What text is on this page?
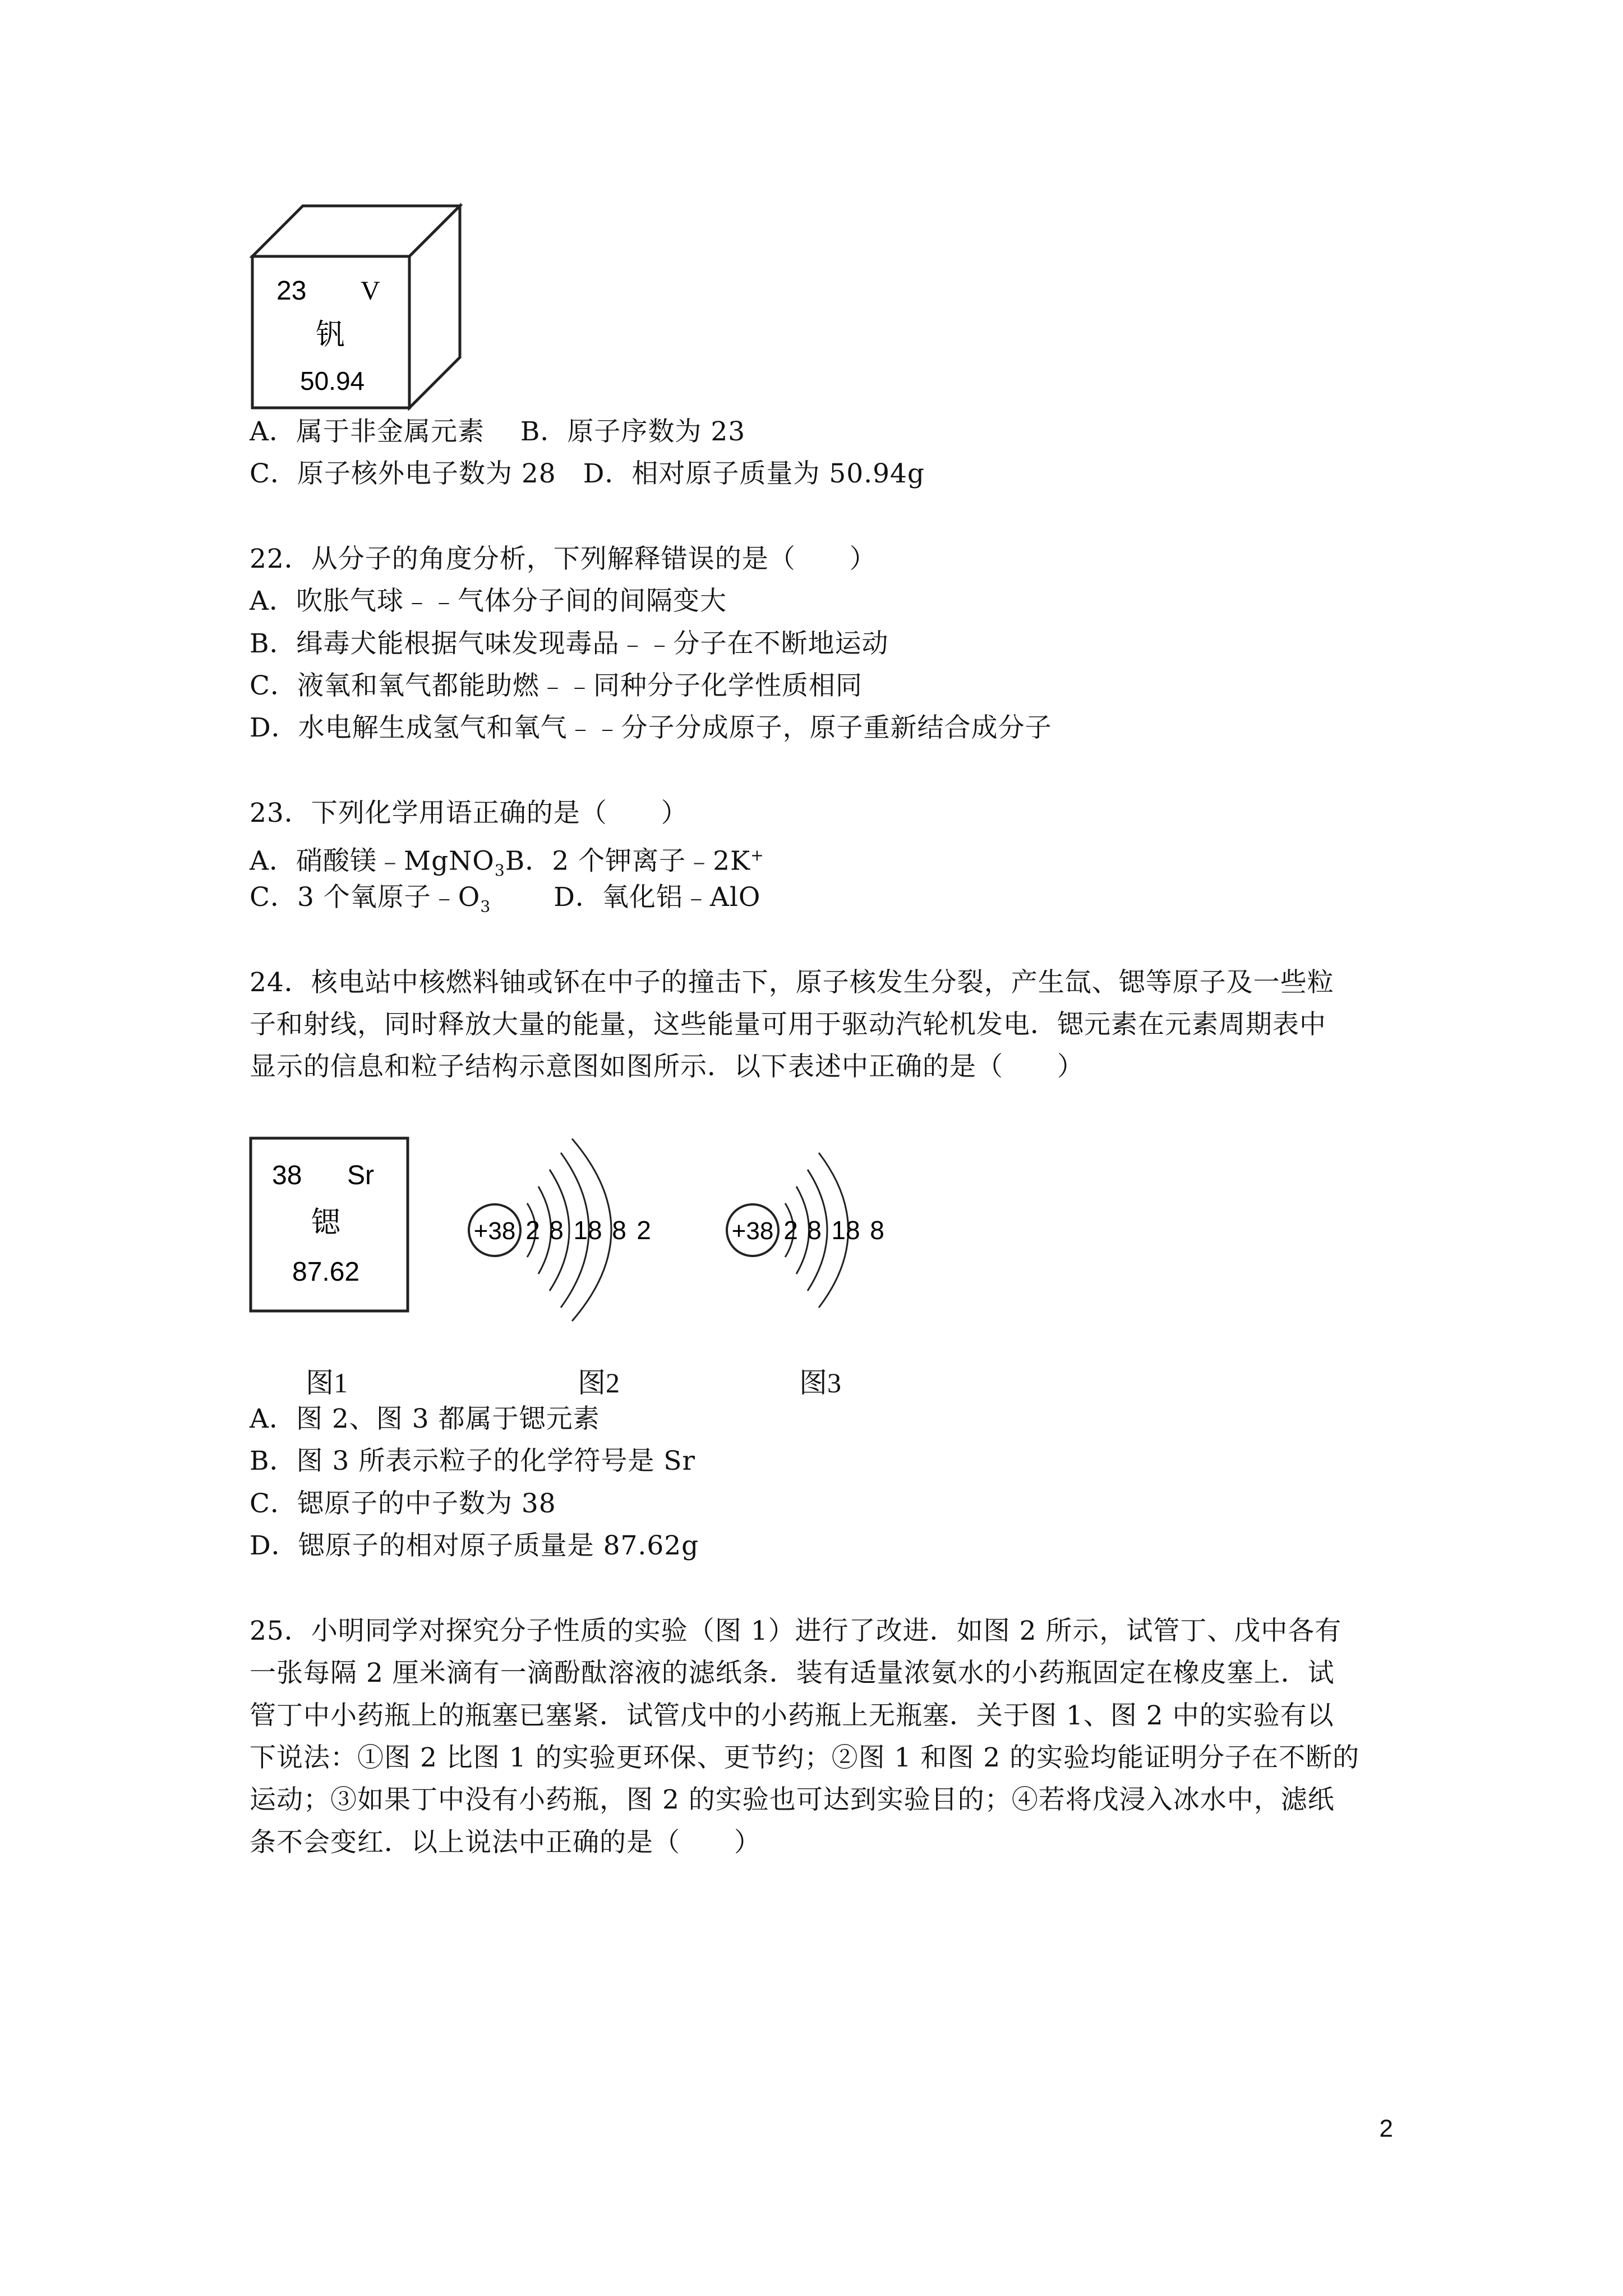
23 V
钒
50.94
A．属于非金属元素　 B．原子序数为 23
C．原子核外电子数为 28　D．相对原子质量为 50.94g
22．从分子的角度分析，下列解释错误的是（　　）
A．吹胀气球﹣﹣气体分子间的间隔变大
B．缉毒犬能根据气味发现毒品﹣﹣分子在不断地运动
C．液氧和氧气都能助燃﹣﹣同种分子化学性质相同
D．水电解生成氢气和氧气﹣﹣分子分成原子，原子重新结合成分子
23．下列化学用语正确的是（　　）
A．硝酸镁﹣MgNO$_3$B．2 个钾离子﹣2K+
C．3 个氧原子$﹣O_3$　　 D．氧化铝﹣AlO
24．核电站中核燃料铀或钚在中子的撞击下，原子核发生分裂，产生氙、锶等原子及一些粒
子和射线，同时释放大量的能量，这些能量可用于驱动汽轮机发电．锶元素在元素周期表中
显示的信息和粒子结构示意图如图所示．以下表述中正确的是（　　）
38 Sr
锶
87.62
+38 2 8 18 8 2	+38 2 8 18 8
图1	图2	图3
A．图 2、图 3 都属于锶元素
B．图 3 所表示粒子的化学符号是 Sr
C．锶原子的中子数为 38
D．锶原子的相对原子质量是 87.62g
25．小明同学对探究分子性质的实验（图 1）进行了改进．如图 2 所示，试管丁、戊中各有
一张每隔 2 厘米滴有一滴酚酞溶液的滤纸条．装有适量浓氨水的小药瓶固定在橡皮塞上．试
管丁中小药瓶上的瓶塞已塞紧．试管戊中的小药瓶上无瓶塞．关于图 1、图 2 中的实验有以
下说法：①图 2 比图 1 的实验更环保、更节约；②图 1 和图 2 的实验均能证明分子在不断的
运动；③如果丁中没有小药瓶，图 2 的实验也可达到实验目的；④若将戊浸入冰水中，滤纸
条不会变红．以上说法中正确的是（　　）
2
